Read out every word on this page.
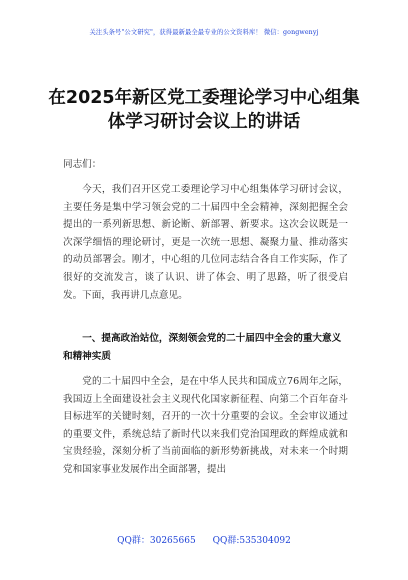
关注头条号"公文研究"，获得最新最全最专业的公文资料库！ 微信：gongwenyj
在2025年新区党工委理论学习中心组集体学习研讨会议上的讲话

同志们：

今天，我们召开区党工委理论学习中心组集体学习研讨会议，主要任务是集中学习领会党的二十届四中全会精神，深刻把握全会提出的一系列新思想、新论断、新部署、新要求。这次会议既是一次深学细悟的理论研讨，更是一次统一思想、凝聚力量、推动落实的动员部署会。刚才，中心组的几位同志结合各自工作实际，作了很好的交流发言，谈了认识、讲了体会、明了思路，听了很受启发。下面，我再讲几点意见。

一、提高政治站位，深刻领会党的二十届四中全会的重大意义和精神实质

党的二十届四中全会，是在中华人民共和国成立76周年之际，我国迈上全面建设社会主义现代化国家新征程、向第二个百年奋斗目标进军的关键时刻，召开的一次十分重要的会议。全会审议通过的重要文件，系统总结了新时代以来我们党治国理政的辉煌成就和宝贵经验，深刻分析了当前面临的新形势新挑战，对未来一个时期党和国家事业发展作出全面部署，提出

QQ群：30265665 QQ群:535304092
